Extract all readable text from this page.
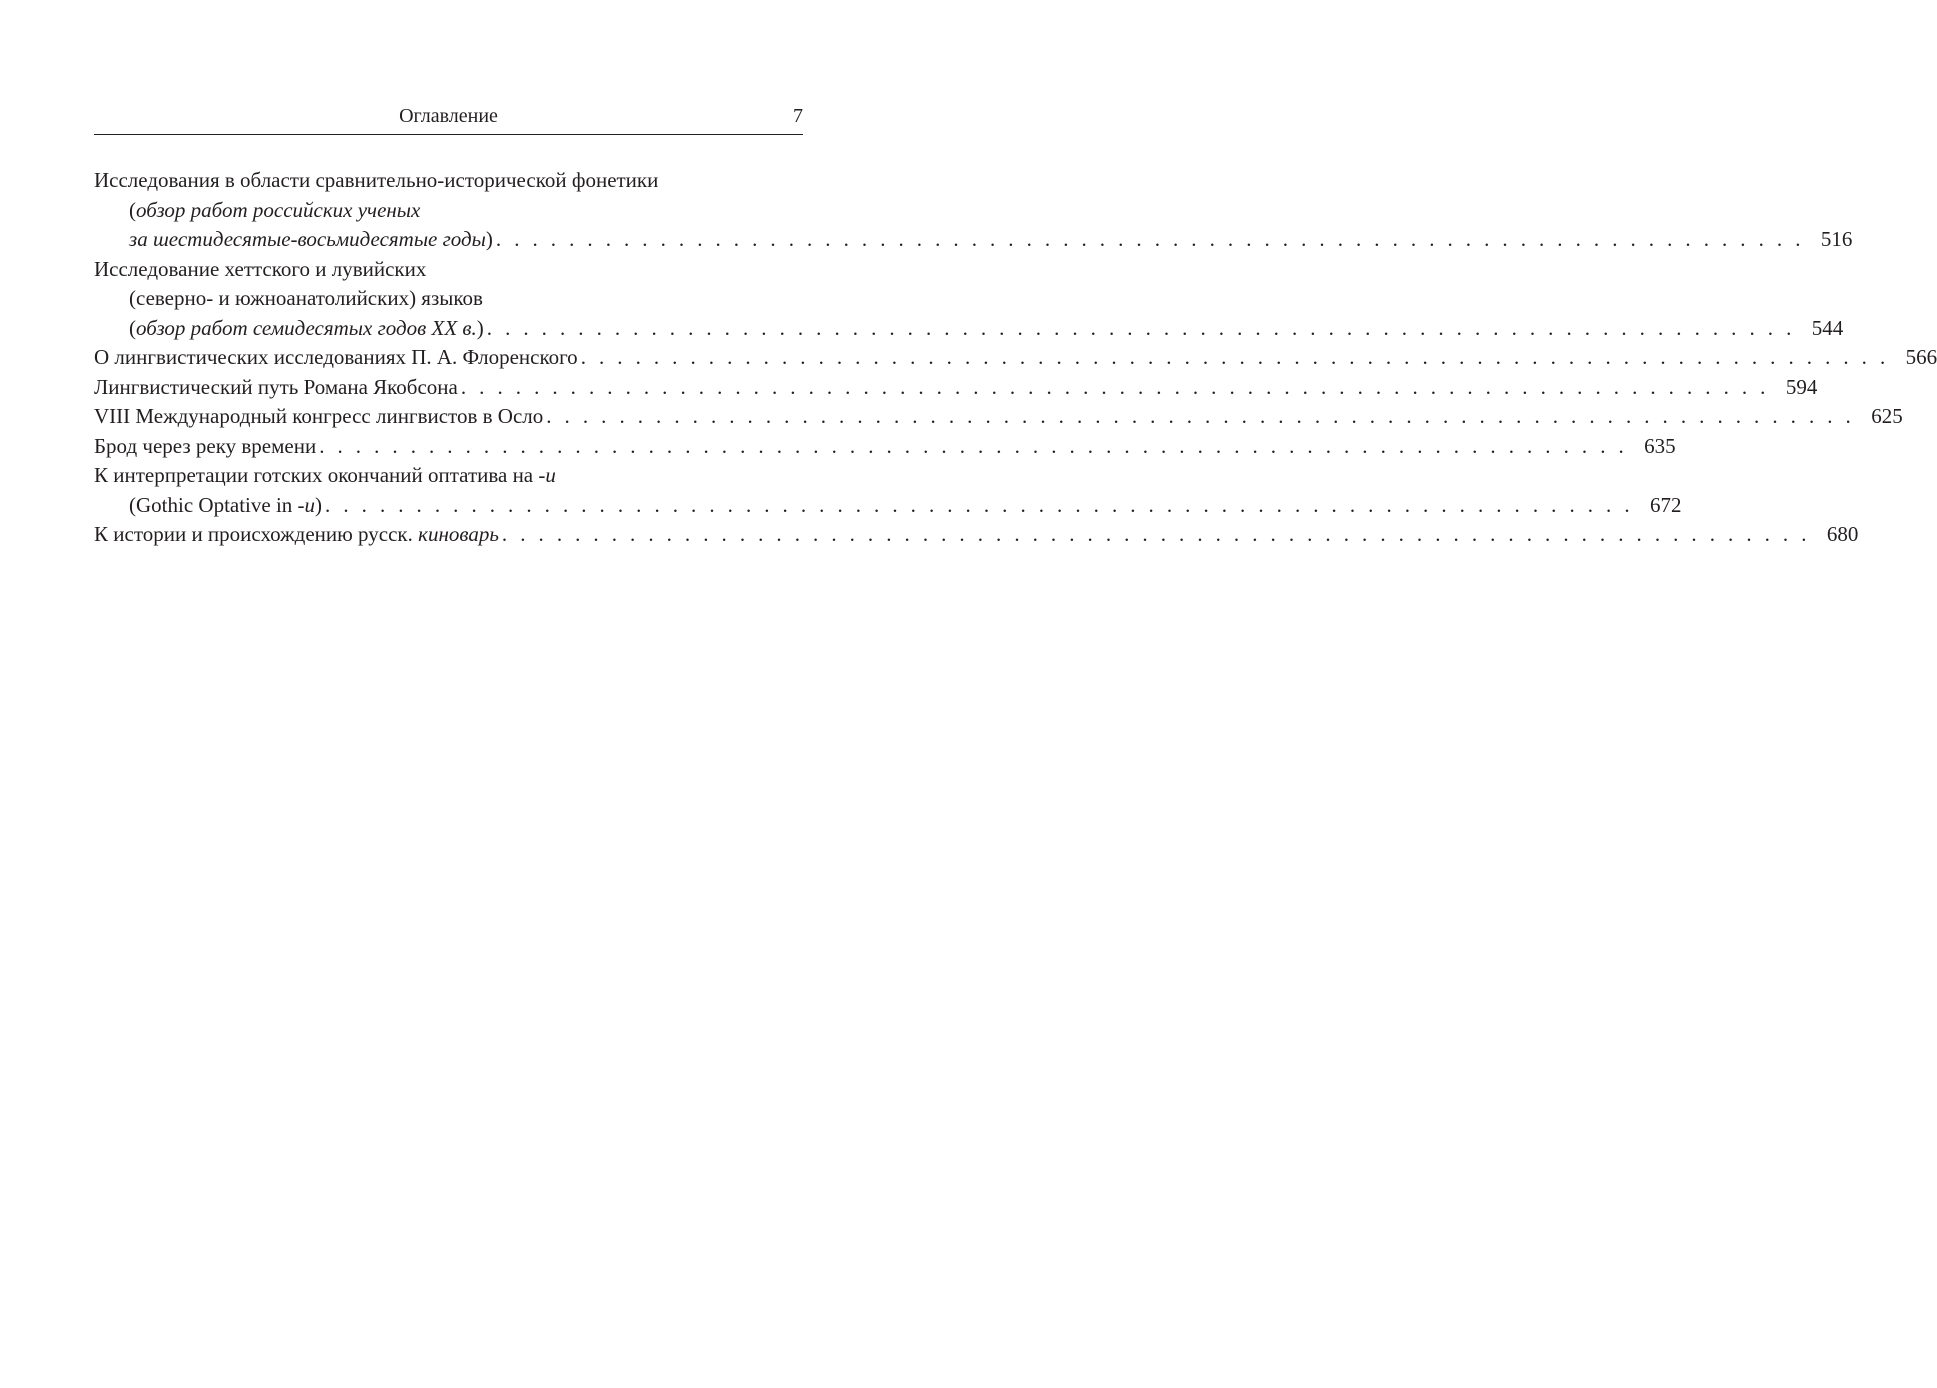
Оглавление	7
Исследования в области сравнительно-исторической фонетики
(обзор работ российских ученых
за шестидесятые-восьмидесятые годы) . . . . . . . . . . . . . . . . . . . . . . . . . . . . . . . . . . . . . . . . . . . . . . . . . . . . . . . . . . . . . . . . . . . . . . . . 516
Исследование хеттского и лувийских
(северно- и южноанатолийских) языков
(обзор работ семидесятых годов XX в.) . . . . . . . . . . . . . . . . . . . . . . . . . . . . . . . . . . . . . . . . . . . . . . . . . . . . . . . . . . . . . . . . . . . . . . . . 544
О лингвистических исследованиях П. А. Флоренского . . . . . . . . . . . . . . . . . . . . . . . . . . . . . . . . . . . . . . . . . . . . . . . . . . . . . . . . . . . . . . . . . . . . . . . . 566
Лингвистический путь Романа Якобсона . . . . . . . . . . . . . . . . . . . . . . . . . . . . . . . . . . . . . . . . . . . . . . . . . . . . . . . . . . . . . . . . . . . . . . . . 594
VIII Международный конгресс лингвистов в Осло . . . . . . . . . . . . . . . . . . . . . . . . . . . . . . . . . . . . . . . . . . . . . . . . . . . . . . . . . . . . . . . . . . . . . . . . 625
Брод через реку времени . . . . . . . . . . . . . . . . . . . . . . . . . . . . . . . . . . . . . . . . . . . . . . . . . . . . . . . . . . . . . . . . . . . . . . . . 635
К интерпретации готских окончаний оптатива на -u
(Gothic Optative in -u) . . . . . . . . . . . . . . . . . . . . . . . . . . . . . . . . . . . . . . . . . . . . . . . . . . . . . . . . . . . . . . . . . . . . . . . . 672
К истории и происхождению русск. киноварь . . . . . . . . . . . . . . . . . . . . . . . . . . . . . . . . . . . . . . . . . . . . . . . . . . . . . . . . . . . . . . . . . . . . . . . . 680
